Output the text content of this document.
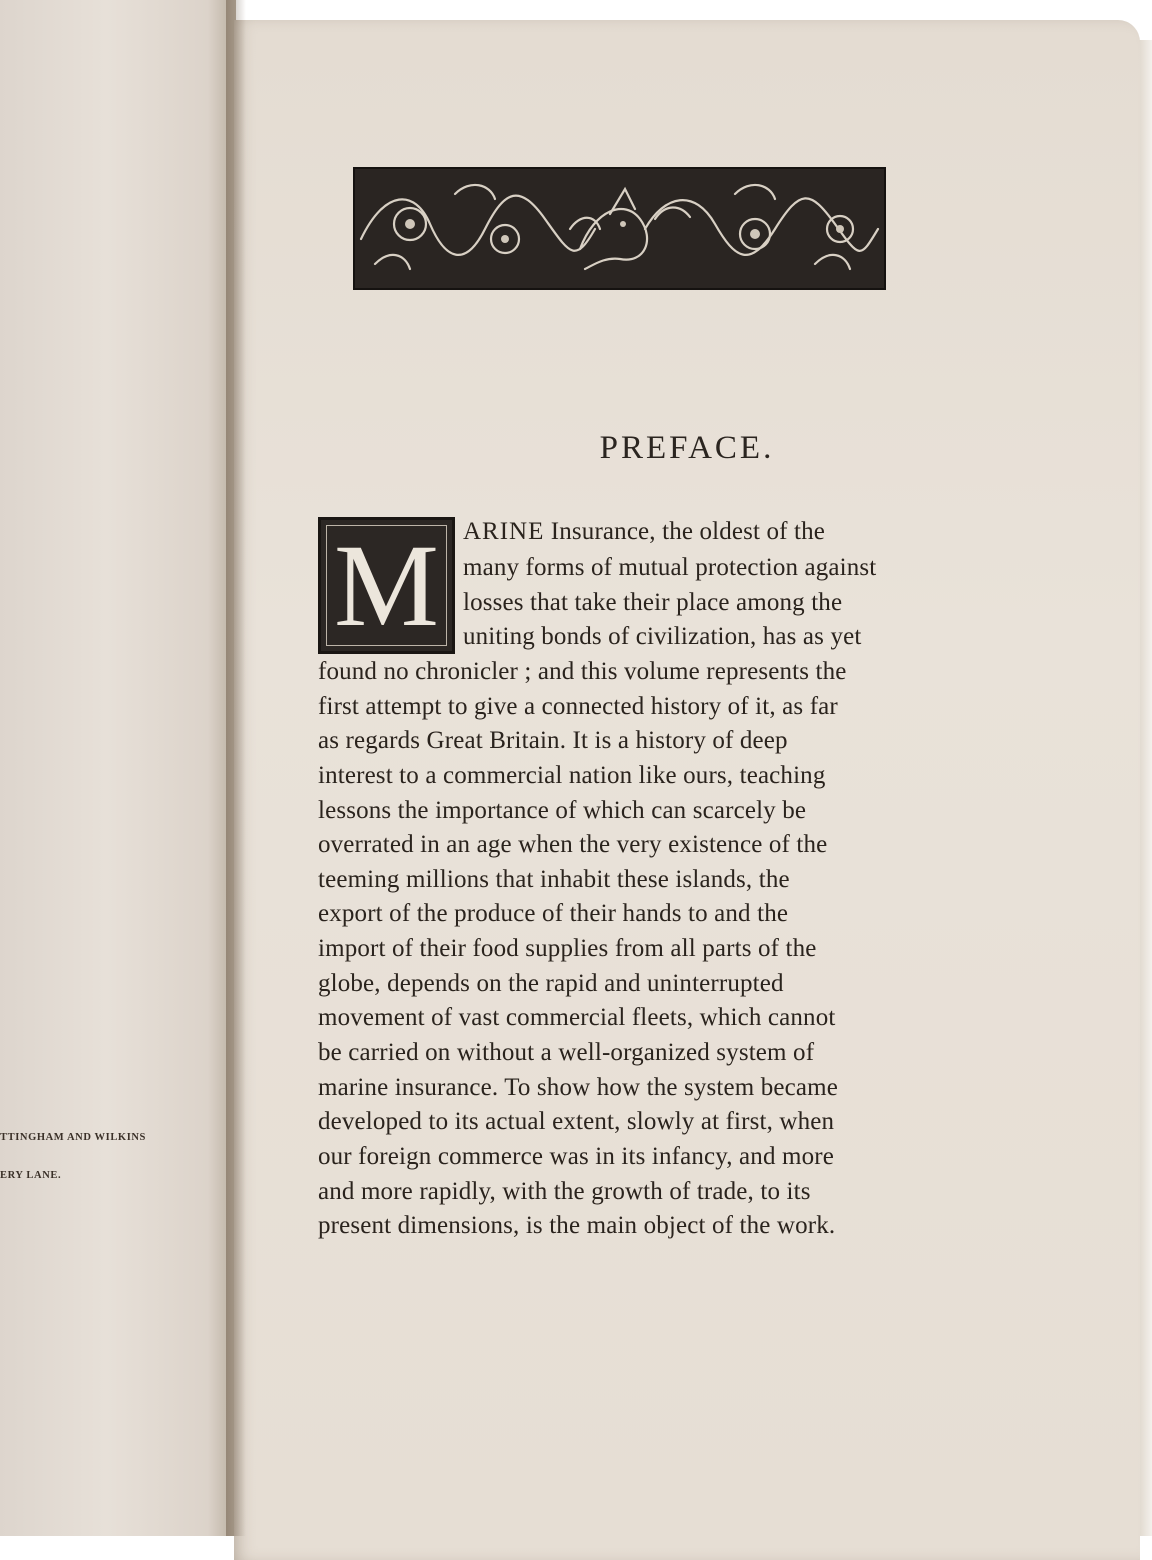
TTINGHAM AND WILKINS
ERY LANE.
PREFACE.
M ARINE Insurance, the oldest of the
many forms of mutual protection against
losses that take their place among the
uniting bonds of civilization, has as yet
found no chronicler ; and this volume represents the
first attempt to give a connected history of it, as far
as regards Great Britain. It is a history of deep
interest to a commercial nation like ours, teaching
lessons the importance of which can scarcely be
overrated in an age when the very existence of the
teeming millions that inhabit these islands, the
export of the produce of their hands to and the
import of their food supplies from all parts of the
globe, depends on the rapid and uninterrupted
movement of vast commercial fleets, which cannot
be carried on without a well-organized system of
marine insurance. To show how the system became
developed to its actual extent, slowly at first, when
our foreign commerce was in its infancy, and more
and more rapidly, with the growth of trade, to its
present dimensions, is the main object of the work.
